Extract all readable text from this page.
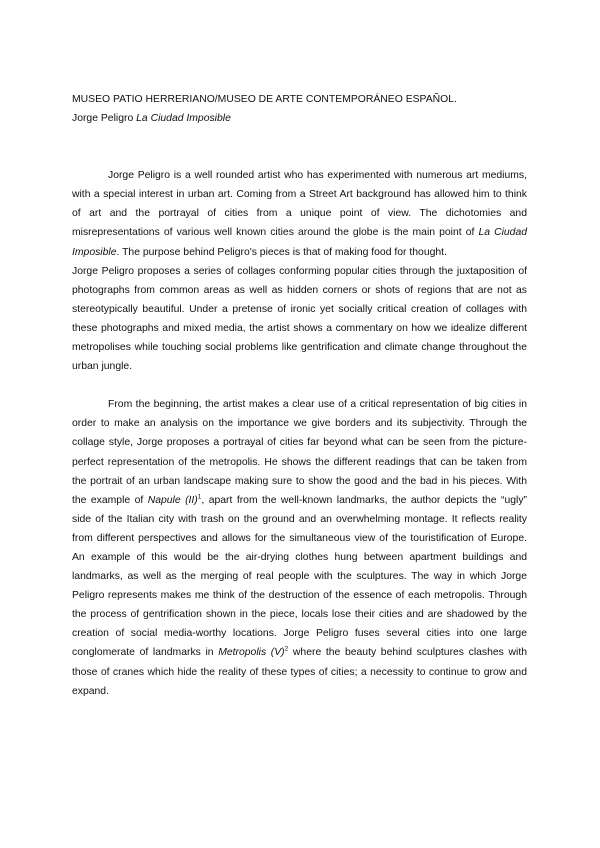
MUSEO PATIO HERRERIANO/MUSEO DE ARTE CONTEMPORÁNEO ESPAÑOL.

Jorge Peligro La Ciudad Imposible

Jorge Peligro is a well rounded artist who has experimented with numerous art mediums, with a special interest in urban art. Coming from a Street Art background has allowed him to think of art and the portrayal of cities from a unique point of view. The dichotomies and misrepresentations of various well known cities around the globe is the main point of La Ciudad Imposible. The purpose behind Peligro's pieces is that of making food for thought.

Jorge Peligro proposes a series of collages conforming popular cities through the juxtaposition of photographs from common areas as well as hidden corners or shots of regions that are not as stereotypically beautiful. Under a pretense of ironic yet socially critical creation of collages with these photographs and mixed media, the artist shows a commentary on how we idealize different metropolises while touching social problems like gentrification and climate change throughout the urban jungle.

From the beginning, the artist makes a clear use of a critical representation of big cities in order to make an analysis on the importance we give borders and its subjectivity. Through the collage style, Jorge proposes a portrayal of cities far beyond what can be seen from the picture-perfect representation of the metropolis. He shows the different readings that can be taken from the portrait of an urban landscape making sure to show the good and the bad in his pieces. With the example of Napule (II)$^1$, apart from the well-known landmarks, the author depicts the “ugly” side of the Italian city with trash on the ground and an overwhelming montage. It reflects reality from different perspectives and allows for the simultaneous view of the touristification of Europe. An example of this would be the air-drying clothes hung between apartment buildings and landmarks, as well as the merging of real people with the sculptures. The way in which Jorge Peligro represents makes me think of the destruction of the essence of each metropolis. Through the process of gentrification shown in the piece, locals lose their cities and are shadowed by the creation of social media-worthy locations. Jorge Peligro fuses several cities into one large conglomerate of landmarks in Metropolis $(V)^2$ where the beauty behind sculptures clashes with those of cranes which hide the reality of these types of cities; a necessity to continue to grow and expand.
